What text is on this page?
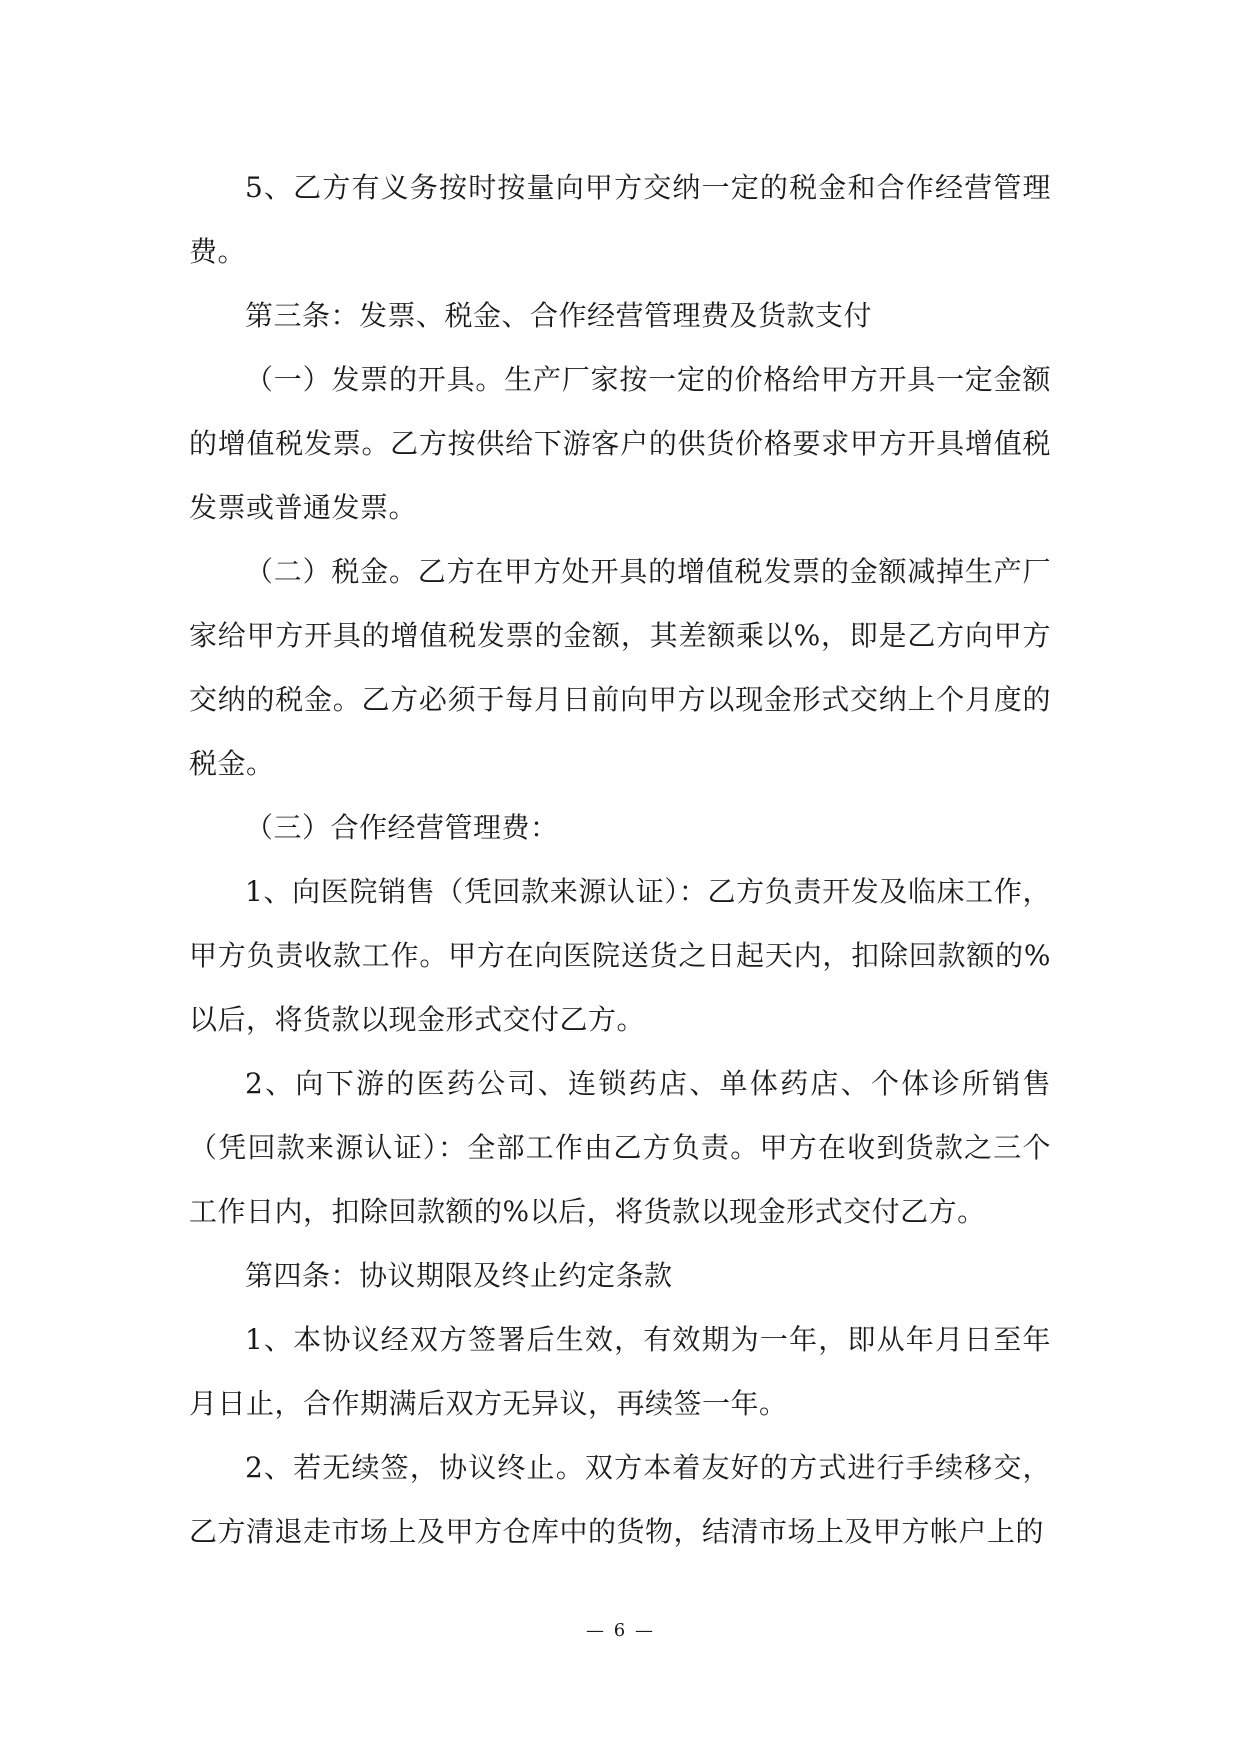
5、乙方有义务按时按量向甲方交纳一定的税金和合作经营管理费。

第三条：发票、税金、合作经营管理费及货款支付

（一）发票的开具。生产厂家按一定的价格给甲方开具一定金额的增值税发票。乙方按供给下游客户的供货价格要求甲方开具增值税发票或普通发票。

（二）税金。乙方在甲方处开具的增值税发票的金额减掉生产厂家给甲方开具的增值税发票的金额，其差额乘以%，即是乙方向甲方交纳的税金。乙方必须于每月日前向甲方以现金形式交纳上个月度的税金。

（三）合作经营管理费：

1、向医院销售（凭回款来源认证）：乙方负责开发及临床工作，甲方负责收款工作。甲方在向医院送货之日起天内，扣除回款额的%以后，将货款以现金形式交付乙方。

2、向下游的医药公司、连锁药店、单体药店、个体诊所销售（凭回款来源认证）：全部工作由乙方负责。甲方在收到货款之三个工作日内，扣除回款额的%以后，将货款以现金形式交付乙方。

第四条：协议期限及终止约定条款

1、本协议经双方签署后生效，有效期为一年，即从年月日至年月日止，合作期满后双方无异议，再续签一年。

2、若无续签，协议终止。双方本着友好的方式进行手续移交，乙方清退走市场上及甲方仓库中的货物，结清市场上及甲方帐户上的

— 6 —
